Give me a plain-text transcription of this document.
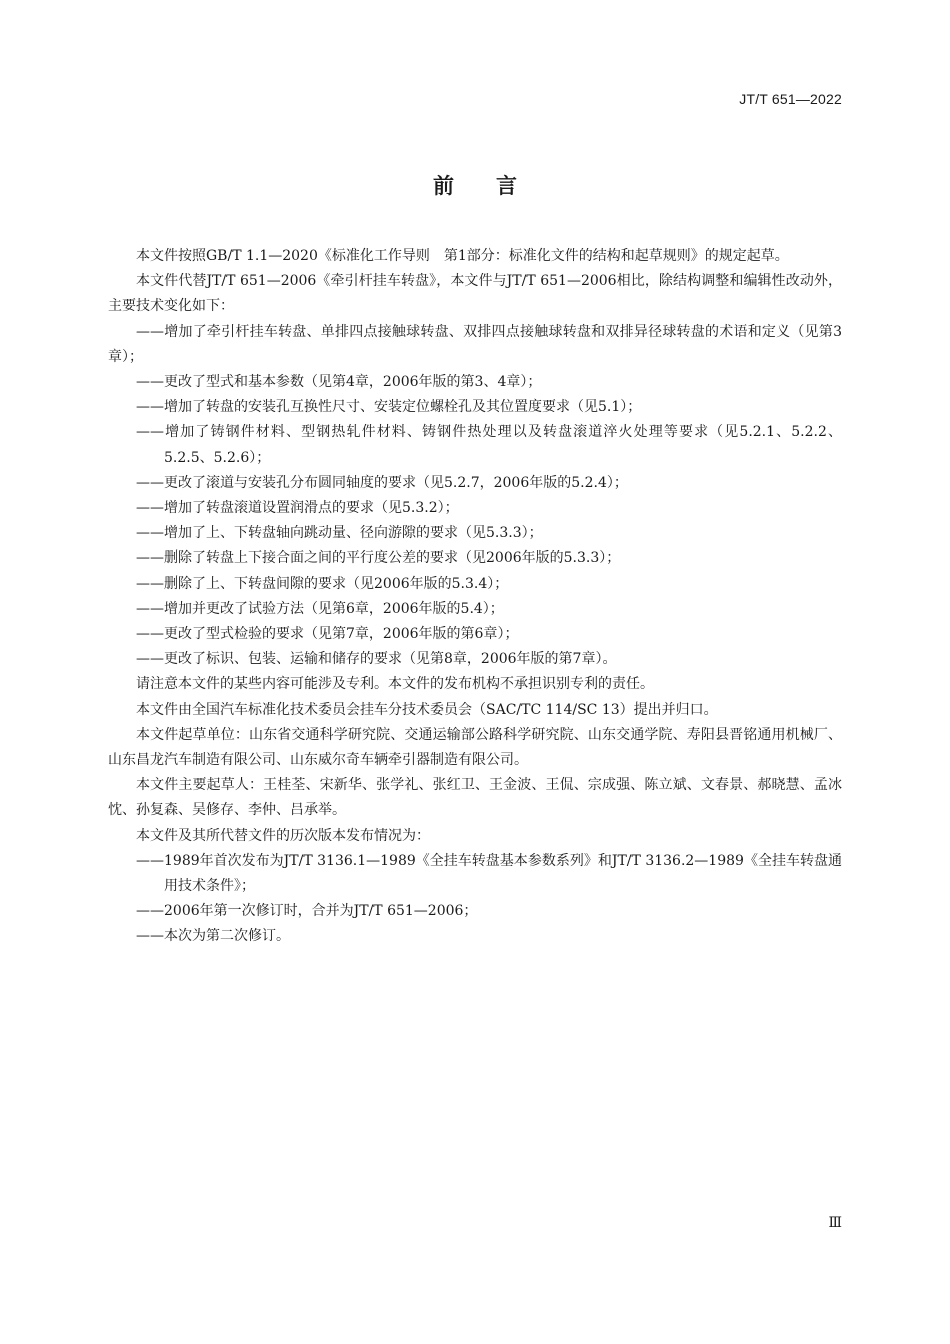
JT/T 651—2022
前　　言

本文件按照GB/T 1.1—2020《标准化工作导则　第1部分：标准化文件的结构和起草规则》的规定起草。

本文件代替JT/T 651—2006《牵引杆挂车转盘》，本文件与JT/T 651—2006相比，除结构调整和编辑性改动外，主要技术变化如下：

——增加了牵引杆挂车转盘、单排四点接触球转盘、双排四点接触球转盘和双排异径球转盘的术语和定义（见第3章）；

——更改了型式和基本参数（见第4章，2006年版的第3、4章）；

——增加了转盘的安装孔互换性尺寸、安装定位螺栓孔及其位置度要求（见5.1）；

——增加了铸钢件材料、型钢热轧件材料、铸钢件热处理以及转盘滚道淬火处理等要求（见5.2.1、5.2.2、5.2.5、5.2.6）；

——更改了滚道与安装孔分布圆同轴度的要求（见5.2.7，2006年版的5.2.4）；

——增加了转盘滚道设置润滑点的要求（见5.3.2）；

——增加了上、下转盘轴向跳动量、径向游隙的要求（见5.3.3）；

——删除了转盘上下接合面之间的平行度公差的要求（见2006年版的5.3.3）；

——删除了上、下转盘间隙的要求（见2006年版的5.3.4）；

——增加并更改了试验方法（见第6章，2006年版的5.4）；

——更改了型式检验的要求（见第7章，2006年版的第6章）；

——更改了标识、包装、运输和储存的要求（见第8章，2006年版的第7章）。

请注意本文件的某些内容可能涉及专利。本文件的发布机构不承担识别专利的责任。

本文件由全国汽车标准化技术委员会挂车分技术委员会（SAC/TC 114/SC 13）提出并归口。

本文件起草单位：山东省交通科学研究院、交通运输部公路科学研究院、山东交通学院、寿阳县晋铭通用机械厂、山东昌龙汽车制造有限公司、山东威尔奇车辆牵引器制造有限公司。

本文件主要起草人：王桂荃、宋新华、张学礼、张红卫、王金波、王侃、宗成强、陈立斌、文春景、郝晓慧、孟冰忱、孙复森、吴修存、李仲、吕承举。

本文件及其所代替文件的历次版本发布情况为：

——1989年首次发布为JT/T 3136.1—1989《全挂车转盘基本参数系列》和JT/T 3136.2—1989《全挂车转盘通用技术条件》；

——2006年第一次修订时，合并为JT/T 651—2006；

——本次为第二次修订。

Ⅲ
